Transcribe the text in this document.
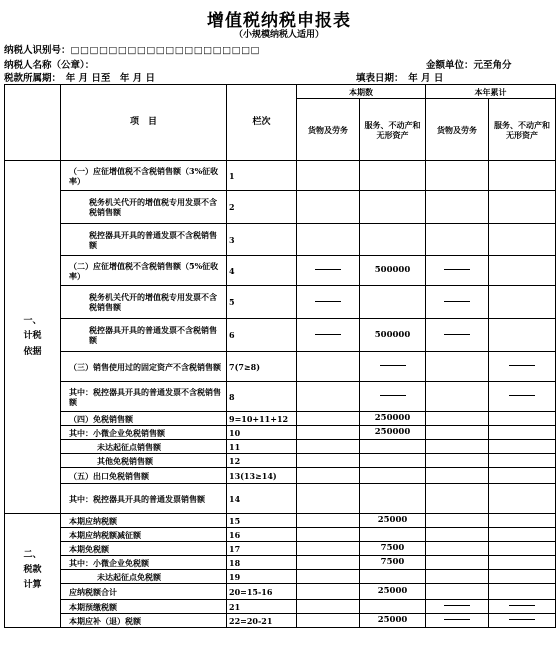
增值税纳税申报表
（小规模纳税人适用）
纳税人识别号：□□□□□□□□□□□□□□□□□□□□
纳税人名称（公章）：	金额单位：元至角分
税款所属期：　年 月 日至　年 月 日	填表日期：　年 月 日
	项　目	栏次	本期数		本年累计	
			货物及劳务	服务、不动产和无形资产	货物及劳务	服务、不动产和无形资产
一、计税依据	（一）应征增值税不含税销售额（3%征收率）	1				
	税务机关代开的增值税专用发票不含税销售额	2				
	税控器具开具的普通发票不含税销售额	3				
	（二）应征增值税不含税销售额（5%征收率）	4		500000		
	税务机关代开的增值税专用发票不含税销售额	5				
	税控器具开具的普通发票不含税销售额	6		500000		
	（三）销售使用过的固定资产不含税销售额	7(7≥8)				
	其中：税控器具开具的普通发票不含税销售额	8				
	（四）免税销售额	9=10+11+12		250000		
	其中：小微企业免税销售额	10		250000		
	未达起征点销售额	11				
	其他免税销售额	12				
	（五）出口免税销售额	13(13≥14)				
	其中：税控器具开具的普通发票销售额	14				
二、税款计算	本期应纳税额	15		25000		
	本期应纳税额减征额	16				
	本期免税额	17		7500		
	其中：小微企业免税额	18		7500		
	未达起征点免税额	19				
	应纳税额合计	20=15-16		25000		
	本期预缴税额	21				
	本期应补（退）税额	22=20-21		25000		
